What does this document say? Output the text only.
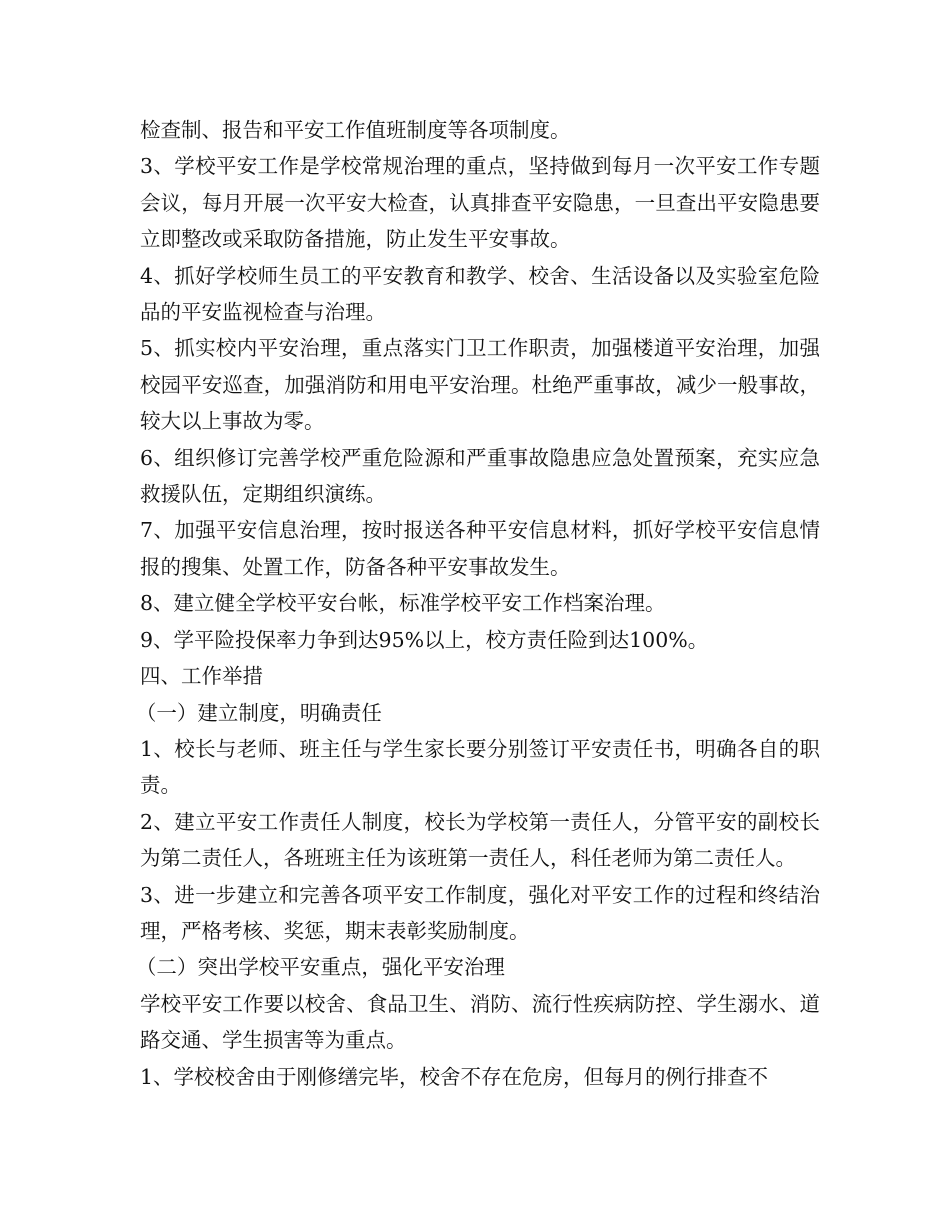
检查制、报告和平安工作值班制度等各项制度。

3、学校平安工作是学校常规治理的重点，坚持做到每月一次平安工作专题会议，每月开展一次平安大检查，认真排查平安隐患，一旦查出平安隐患要立即整改或采取防备措施，防止发生平安事故。

4、抓好学校师生员工的平安教育和教学、校舍、生活设备以及实验室危险品的平安监视检查与治理。

5、抓实校内平安治理，重点落实门卫工作职责，加强楼道平安治理，加强校园平安巡查，加强消防和用电平安治理。杜绝严重事故，减少一般事故，较大以上事故为零。

6、组织修订完善学校严重危险源和严重事故隐患应急处置预案，充实应急救援队伍，定期组织演练。

7、加强平安信息治理，按时报送各种平安信息材料，抓好学校平安信息情报的搜集、处置工作，防备各种平安事故发生。

8、建立健全学校平安台帐，标准学校平安工作档案治理。

9、学平险投保率力争到达95%以上，校方责任险到达100%。

四、工作举措

（一）建立制度，明确责任

1、校长与老师、班主任与学生家长要分别签订平安责任书，明确各自的职责。

2、建立平安工作责任人制度，校长为学校第一责任人，分管平安的副校长为第二责任人，各班班主任为该班第一责任人，科任老师为第二责任人。

3、进一步建立和完善各项平安工作制度，强化对平安工作的过程和终结治理，严格考核、奖惩，期末表彰奖励制度。

（二）突出学校平安重点，强化平安治理

学校平安工作要以校舍、食品卫生、消防、流行性疾病防控、学生溺水、道路交通、学生损害等为重点。

1、学校校舍由于刚修缮完毕，校舍不存在危房，但每月的例行排查不
